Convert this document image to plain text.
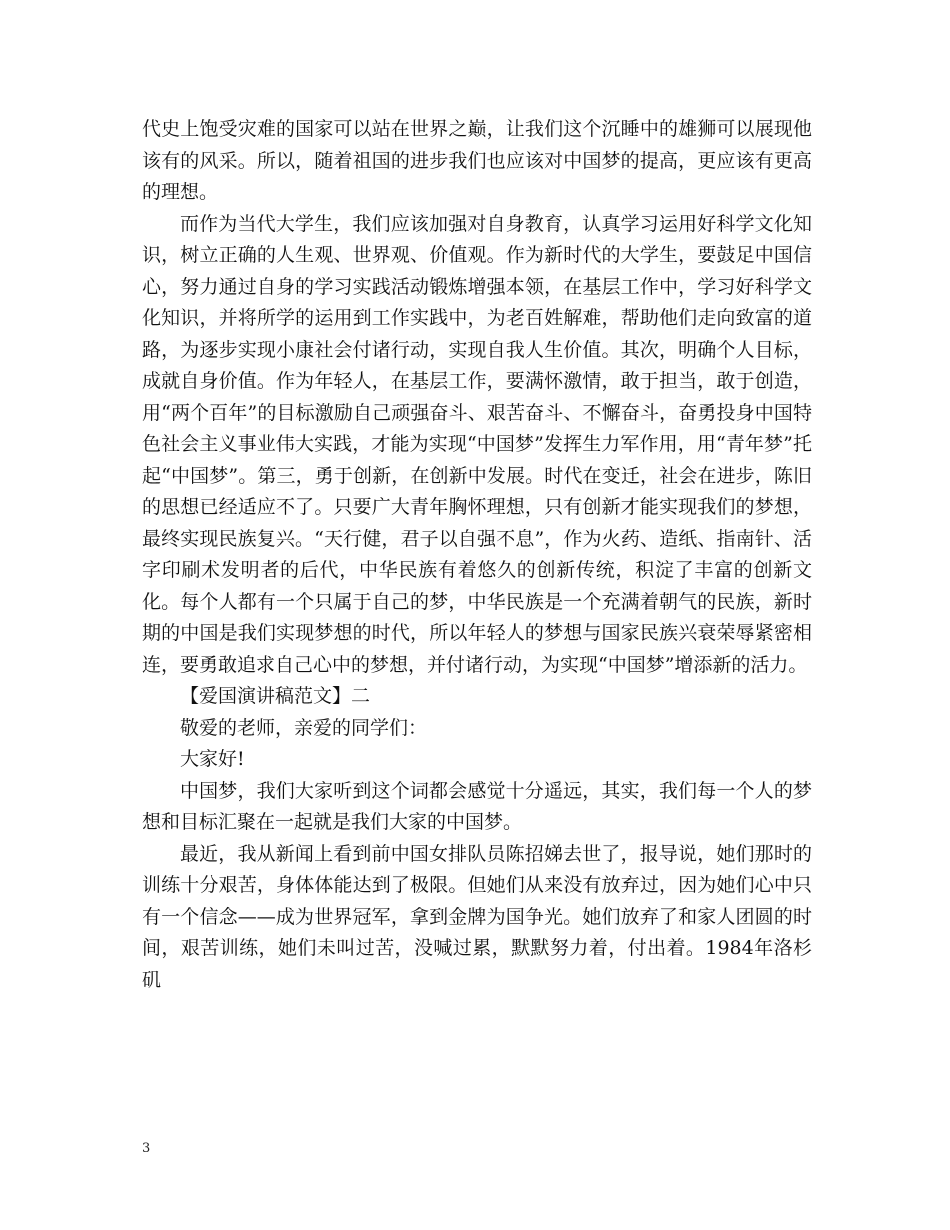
代史上饱受灾难的国家可以站在世界之巅，让我们这个沉睡中的雄狮可以展现他该有的风采。所以，随着祖国的进步我们也应该对中国梦的提高，更应该有更高的理想。

而作为当代大学生，我们应该加强对自身教育，认真学习运用好科学文化知识，树立正确的人生观、世界观、价值观。作为新时代的大学生，要鼓足中国信心，努力通过自身的学习实践活动锻炼增强本领，在基层工作中，学习好科学文化知识，并将所学的运用到工作实践中，为老百姓解难，帮助他们走向致富的道路，为逐步实现小康社会付诸行动，实现自我人生价值。其次，明确个人目标，成就自身价值。作为年轻人，在基层工作，要满怀激情，敢于担当，敢于创造，用“两个百年”的目标激励自己顽强奋斗、艰苦奋斗、不懈奋斗，奋勇投身中国特色社会主义事业伟大实践，才能为实现“中国梦”发挥生力军作用，用“青年梦”托起“中国梦”。第三，勇于创新，在创新中发展。时代在变迁，社会在进步，陈旧的思想已经适应不了。只要广大青年胸怀理想，只有创新才能实现我们的梦想，最终实现民族复兴。“天行健，君子以自强不息”，作为火药、造纸、指南针、活字印刷术发明者的后代，中华民族有着悠久的创新传统，积淀了丰富的创新文化。每个人都有一个只属于自己的梦，中华民族是一个充满着朝气的民族，新时期的中国是我们实现梦想的时代，所以年轻人的梦想与国家民族兴衰荣辱紧密相连，要勇敢追求自己心中的梦想，并付诸行动，为实现“中国梦”增添新的活力。

【爱国演讲稿范文】二

敬爱的老师，亲爱的同学们：

大家好!

中国梦，我们大家听到这个词都会感觉十分遥远，其实，我们每一个人的梦想和目标汇聚在一起就是我们大家的中国梦。

最近，我从新闻上看到前中国女排队员陈招娣去世了，报导说，她们那时的训练十分艰苦，身体体能达到了极限。但她们从来没有放弃过，因为她们心中只有一个信念——成为世界冠军，拿到金牌为国争光。她们放弃了和家人团圆的时间，艰苦训练，她们未叫过苦，没喊过累，默默努力着，付出着。1984年洛杉矶

3
